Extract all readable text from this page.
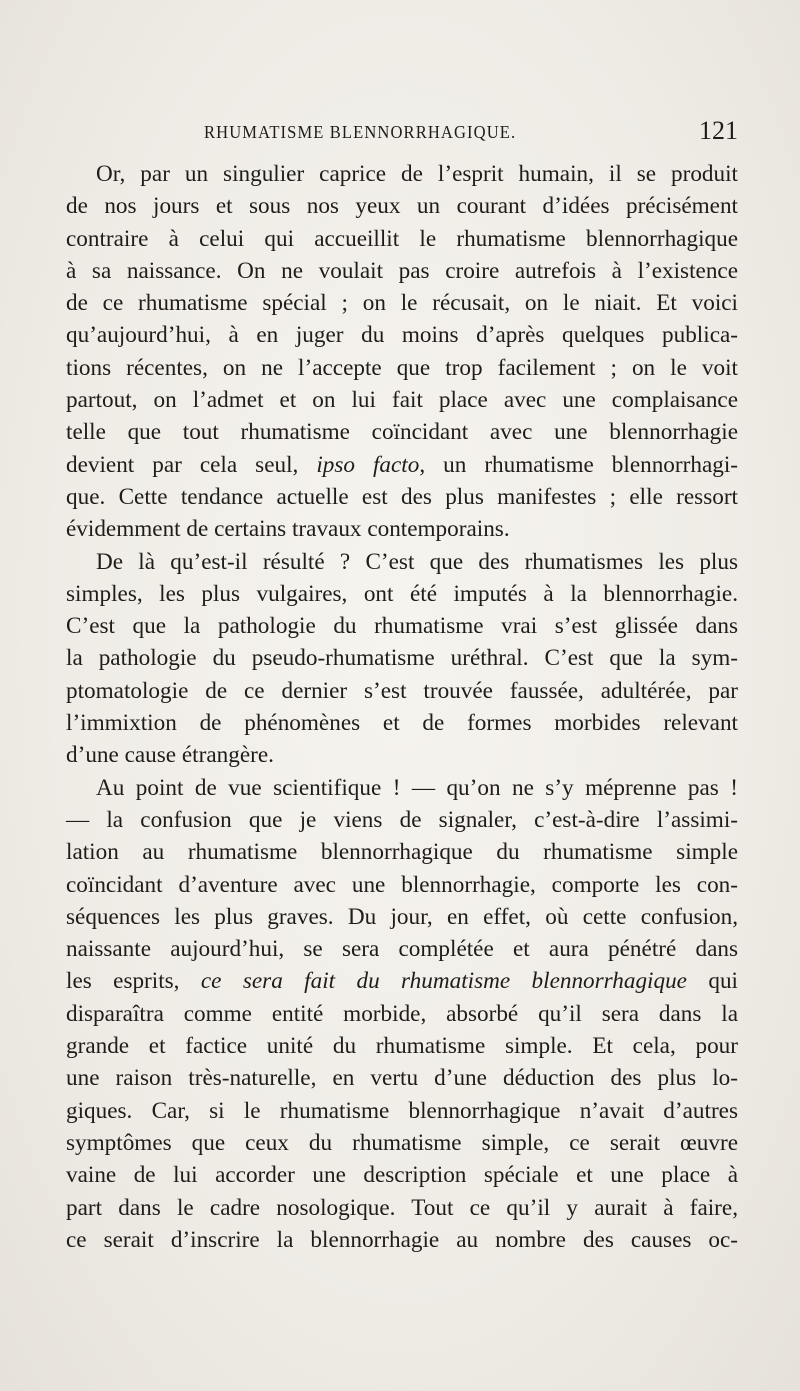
RHUMATISME BLENNORRHAGIQUE.	121
Or, par un singulier caprice de l’esprit humain, il se produit
de nos jours et sous nos yeux un courant d’idées précisément
contraire à celui qui accueillit le rhumatisme blennorrhagique
à sa naissance. On ne voulait pas croire autrefois à l’existence
de ce rhumatisme spécial ; on le récusait, on le niait. Et voici
qu’aujourd’hui, à en juger du moins d’après quelques publica-
tions récentes, on ne l’accepte que trop facilement ; on le voit
partout, on l’admet et on lui fait place avec une complaisance
telle que tout rhumatisme coïncidant avec une blennorrhagie
devient par cela seul, ipso facto, un rhumatisme blennorrhagi-
que. Cette tendance actuelle est des plus manifestes ; elle ressort
évidemment de certains travaux contemporains.
De là qu’est-il résulté ? C’est que des rhumatismes les plus
simples, les plus vulgaires, ont été imputés à la blennorrhagie.
C’est que la pathologie du rhumatisme vrai s’est glissée dans
la pathologie du pseudo-rhumatisme uréthral. C’est que la sym-
ptomatologie de ce dernier s’est trouvée faussée, adultérée, par
l’immixtion de phénomènes et de formes morbides relevant
d’une cause étrangère.
Au point de vue scientifique ! — qu’on ne s’y méprenne pas !
— la confusion que je viens de signaler, c’est-à-dire l’assimi-
lation au rhumatisme blennorrhagique du rhumatisme simple
coïncidant d’aventure avec une blennorrhagie, comporte les con-
séquences les plus graves. Du jour, en effet, où cette confusion,
naissante aujourd’hui, se sera complétée et aura pénétré dans
les esprits, ce sera fait du rhumatisme blennorrhagique qui
disparaîtra comme entité morbide, absorbé qu’il sera dans la
grande et factice unité du rhumatisme simple. Et cela, pour
une raison très-naturelle, en vertu d’une déduction des plus lo-
giques. Car, si le rhumatisme blennorrhagique n’avait d’autres
symptômes que ceux du rhumatisme simple, ce serait œuvre
vaine de lui accorder une description spéciale et une place à
part dans le cadre nosologique. Tout ce qu’il y aurait à faire,
ce serait d’inscrire la blennorrhagie au nombre des causes oc-
